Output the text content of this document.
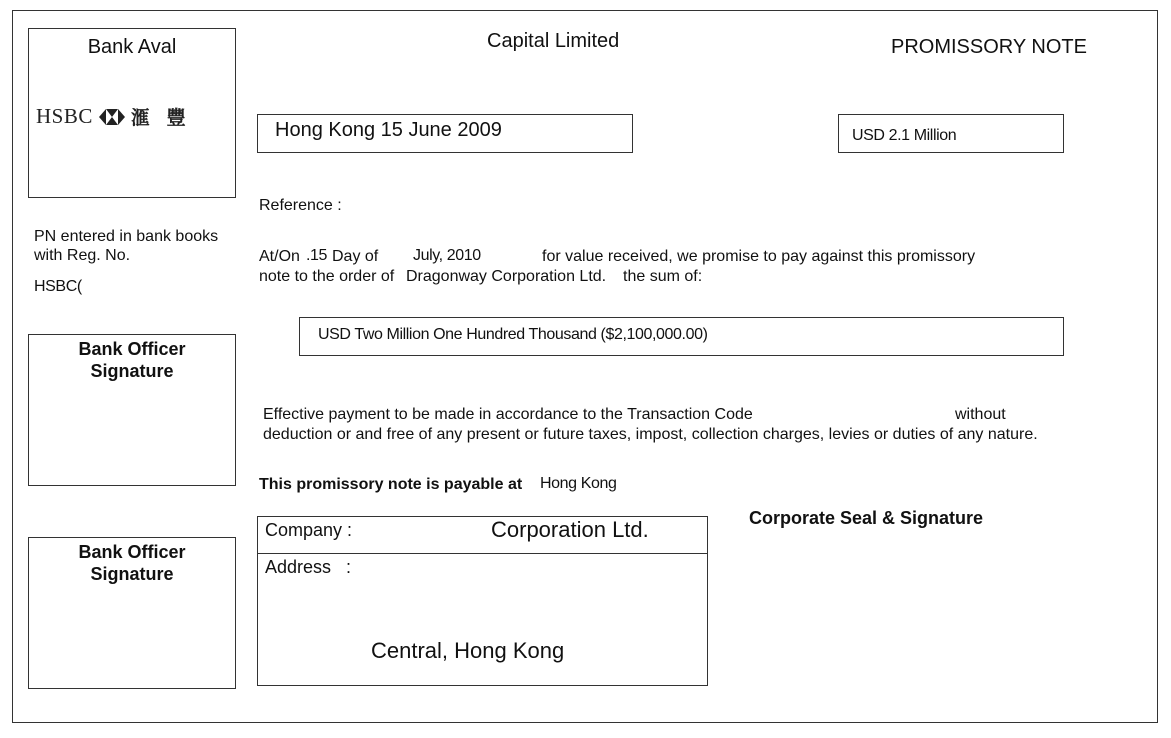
Bank Aval
HSBC 滙 豐
Capital Limited	PROMISSORY NOTE
Hong Kong 15 June 2009	USD 2.1 Million
Reference :
PN entered in bank books
with Reg. No.
HSBC(
At/On .15 Day of July, 2010	for value received, we promise to pay against this promissory
note to the order of Dragonway Corporation Ltd. the sum of:
USD Two Million One Hundred Thousand ($2,100,000.00)
Bank Officer
Signature
Bank Officer
Signature
Effective payment to be made in accordance to the Transaction Code	without
deduction or and free of any present or future taxes, impost, collection charges, levies or duties of any nature.
This promissory note is payable at Hong Kong
Company :	Corporation Ltd.
Address   :
Central, Hong Kong
Corporate Seal & Signature
